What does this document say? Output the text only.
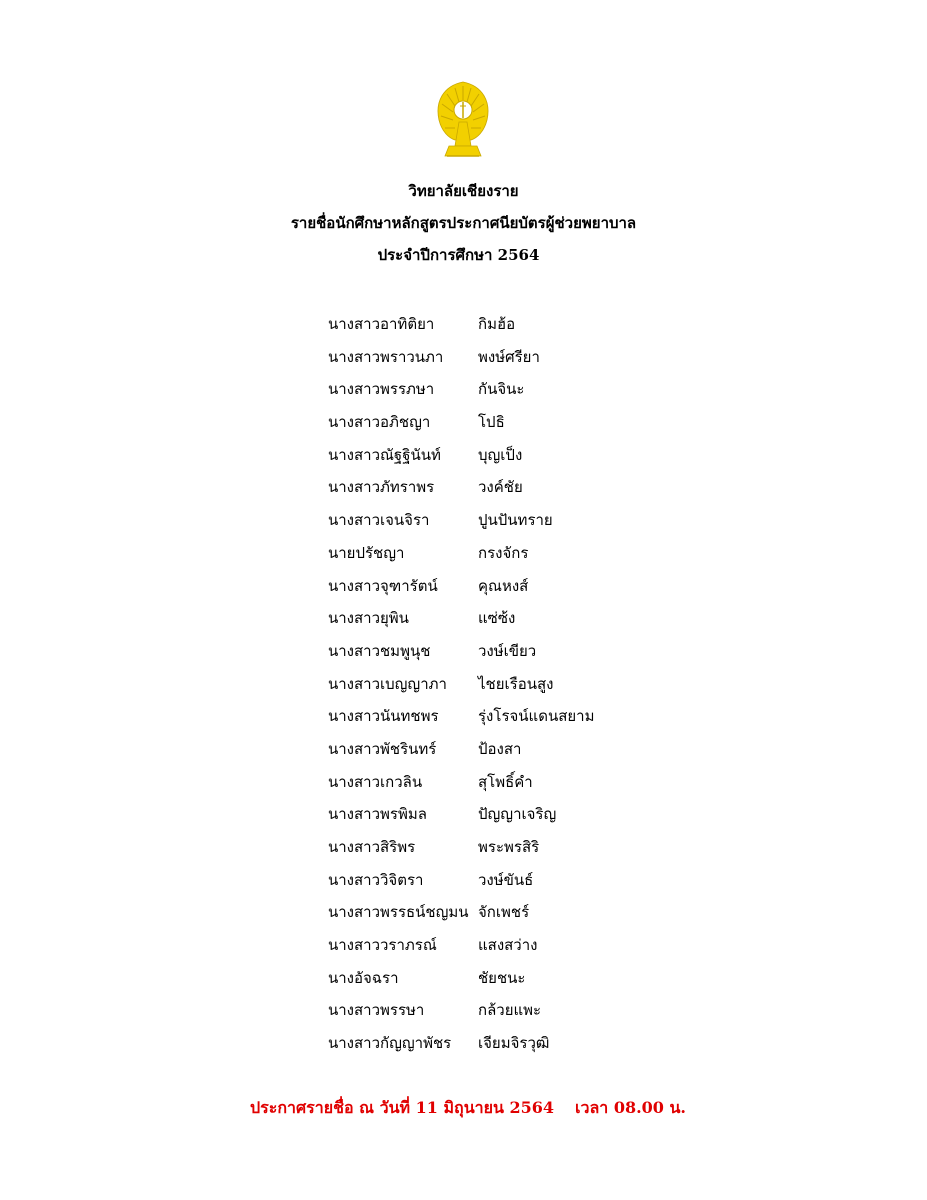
วิทยาลัยเชียงราย
รายชื่อนักศึกษาหลักสูตรประกาศนียบัตรผู้ช่วยพยาบาล
ประจำปีการศึกษา 2564
นางสาวอาทิติยา	กิมฮ้อ
นางสาวพราวนภา พงษ์ศรียา
นางสาวพรรภษา	กันจินะ
นางสาวอภิชญา	โปธิ
นางสาวณัฐฐินันท์ บุญเป็ง
นางสาวภัทราพร	วงค์ชัย
นางสาวเจนจิรา	ปูนปันทราย
นายปรัชญา	กรงจักร
นางสาวจุฑารัตน์	คุณหงส์
นางสาวยุพิน	แซ่ซ้ง
นางสาวชมพูนุช	วงษ์เขียว
นางสาวเบญญาภา ไชยเรือนสูง
นางสาวนันทชพร	รุ่งโรจน์แดนสยาม
นางสาวพัชรินทร์	ป้องสา
นางสาวเกวลิน	สุโพธิ์คำ
นางสาวพรพิมล	ปัญญาเจริญ
นางสาวสิริพร	พระพรสิริ
นางสาววิจิตรา	วงษ์ขันธ์
นางสาวพรรธน์ชญมน จักเพชร์
นางสาววราภรณ์	แสงสว่าง
นางอัจฉรา	ชัยชนะ
นางสาวพรรษา	กล้วยแพะ
นางสาวกัญญาพัชร เจียมจิรวุฒิ
ประกาศรายชื่อ ณ วันที่ 11 มิถุนายน 2564 เวลา 08.00 น.
